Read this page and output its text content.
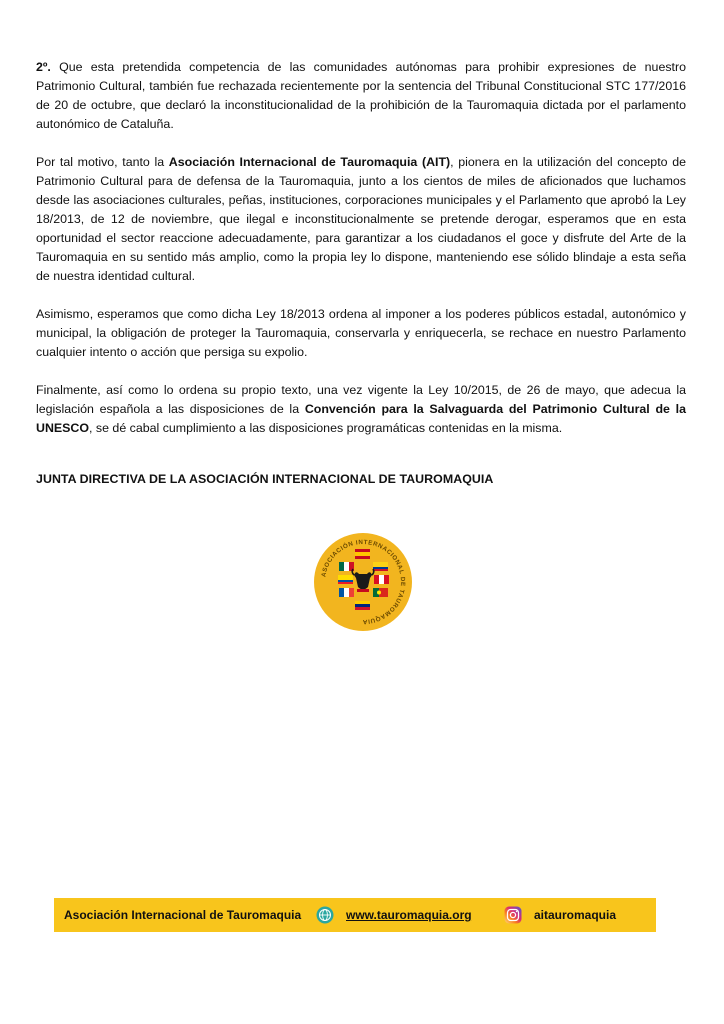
2º. Que esta pretendida competencia de las comunidades autónomas para prohibir expresiones de nuestro Patrimonio Cultural, también fue rechazada recientemente por la sentencia del Tribunal Constitucional STC 177/2016 de 20 de octubre, que declaró la inconstitucionalidad de la prohibición de la Tauromaquia dictada por el parlamento autonómico de Cataluña.

Por tal motivo, tanto la Asociación Internacional de Tauromaquia (AIT), pionera en la utilización del concepto de Patrimonio Cultural para de defensa de la Tauromaquia, junto a los cientos de miles de aficionados que luchamos desde las asociaciones culturales, peñas, instituciones, corporaciones municipales y el Parlamento que aprobó la Ley 18/2013, de 12 de noviembre, que ilegal e inconstitucionalmente se pretende derogar, esperamos que en esta oportunidad el sector reaccione adecuadamente, para garantizar a los ciudadanos el goce y disfrute del Arte de la Tauromaquia en su sentido más amplio, como la propia ley lo dispone, manteniendo ese sólido blindaje a esta seña de nuestra identidad cultural.

Asimismo, esperamos que como dicha Ley 18/2013 ordena al imponer a los poderes públicos estadal, autonómico y municipal, la obligación de proteger la Tauromaquia, conservarla y enriquecerla, se rechace en nuestro Parlamento cualquier intento o acción que persiga su expolio.

Finalmente, así como lo ordena su propio texto, una vez vigente la Ley 10/2015, de 26 de mayo, que adecua la legislación española a las disposiciones de la Convención para la Salvaguarda del Patrimonio Cultural de la UNESCO, se dé cabal cumplimiento a las disposiciones programáticas contenidas en la misma.

JUNTA DIRECTIVA DE LA ASOCIACIÓN INTERNACIONAL DE TAUROMAQUIA
ASOCIACIÓN INTERNACIONAL DE TAUROMAQUIA
Asociación Internacional de Tauromaquia	www.tauromaquia.org	aitauromaquia
